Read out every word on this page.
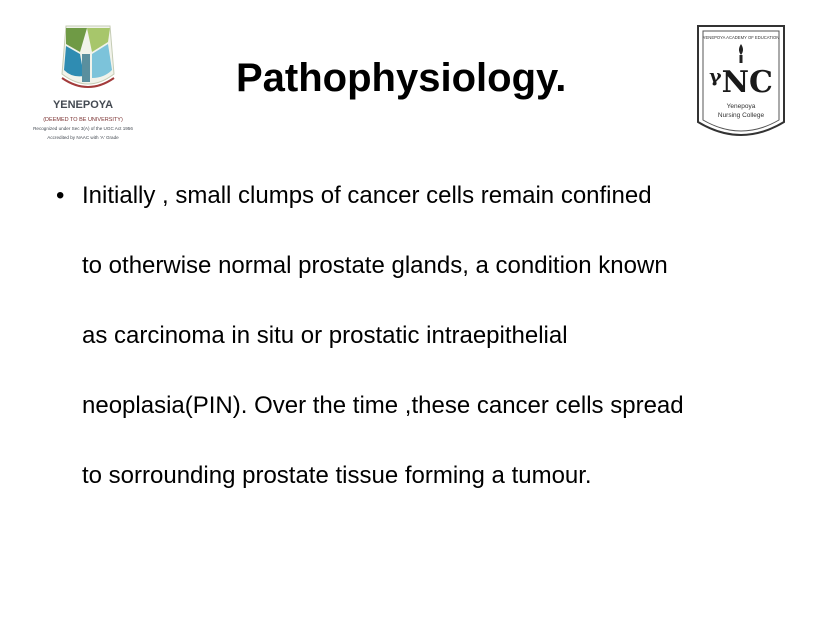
YENEPOYA
(DEEMED TO BE UNIVERSITY)
Recognized under Sec 3(A) of the UGC Act 1956
Accredited by NAAC with 'A' Grade
Pathophysiology.
YENEPOYA ACADEMY OF EDUCATION
ᵞNC
Yenepoya
Nursing College
• Initially , small clumps of cancer cells remain confined
to otherwise normal prostate glands, a condition known
as carcinoma in situ or prostatic intraepithelial
neoplasia(PIN). Over the time ,these cancer cells spread
to sorrounding prostate tissue forming a tumour.
